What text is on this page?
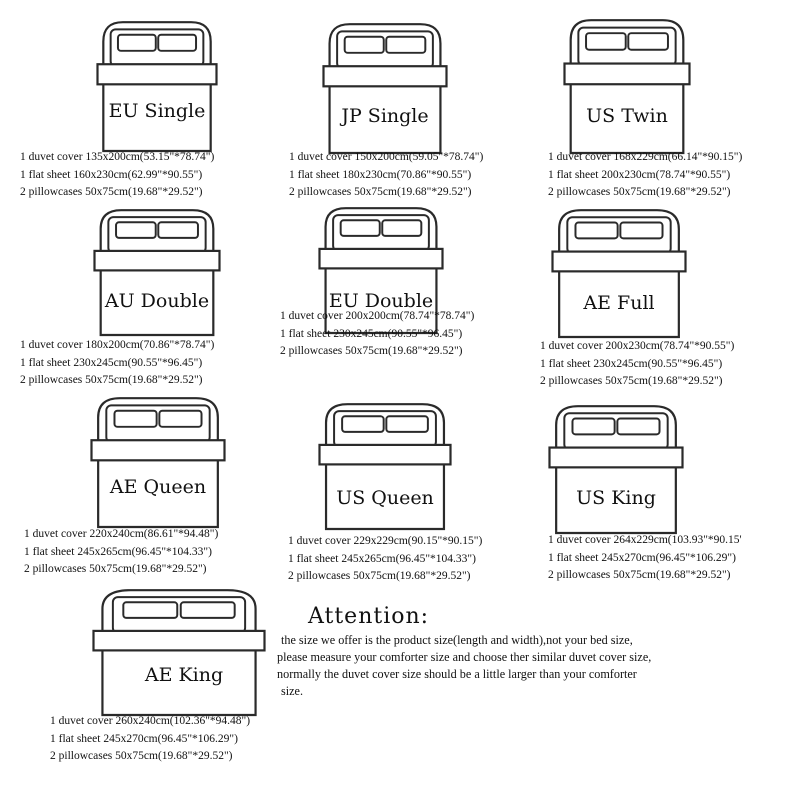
EU Single
1 duvet cover 135x200cm(53.15"*78.74")
1 flat sheet 160x230cm(62.99"*90.55")
2 pillowcases 50x75cm(19.68"*29.52")
JP Single
1 duvet cover 150x200cm(59.05"*78.74")
1 flat sheet 180x230cm(70.86"*90.55")
2 pillowcases 50x75cm(19.68"*29.52")
US Twin
1 duvet cover 168x229cm(66.14"*90.15")
1 flat sheet 200x230cm(78.74"*90.55")
2 pillowcases 50x75cm(19.68"*29.52")
AU Double
1 duvet cover 180x200cm(70.86"*78.74")
1 flat sheet 230x245cm(90.55"*96.45")
2 pillowcases 50x75cm(19.68"*29.52")
EU Double
1 duvet cover 200x200cm(78.74"*78.74")
1 flat sheet 230x245cm(90.55"*96.45")
2 pillowcases 50x75cm(19.68"*29.52")
AE Full
1 duvet cover 200x230cm(78.74"*90.55")
1 flat sheet 230x245cm(90.55"*96.45")
2 pillowcases 50x75cm(19.68"*29.52")
AE Queen
1 duvet cover 220x240cm(86.61"*94.48")
1 flat sheet 245x265cm(96.45"*104.33")
2 pillowcases 50x75cm(19.68"*29.52")
US Queen
1 duvet cover 229x229cm(90.15"*90.15")
1 flat sheet 245x265cm(96.45"*104.33")
2 pillowcases 50x75cm(19.68"*29.52")
US King
1 duvet cover 264x229cm(103.93"*90.15'
1 flat sheet 245x270cm(96.45"*106.29")
2 pillowcases 50x75cm(19.68"*29.52")
AE King
1 duvet cover 260x240cm(102.36"*94.48")
1 flat sheet 245x270cm(96.45"*106.29")
2 pillowcases 50x75cm(19.68"*29.52")
Attention:
the size we offer is the product size(length and width),not your bed size,
please measure your comforter size and choose ther similar duvet cover size,
normally the duvet cover size should be a little larger than your comforter
size.
